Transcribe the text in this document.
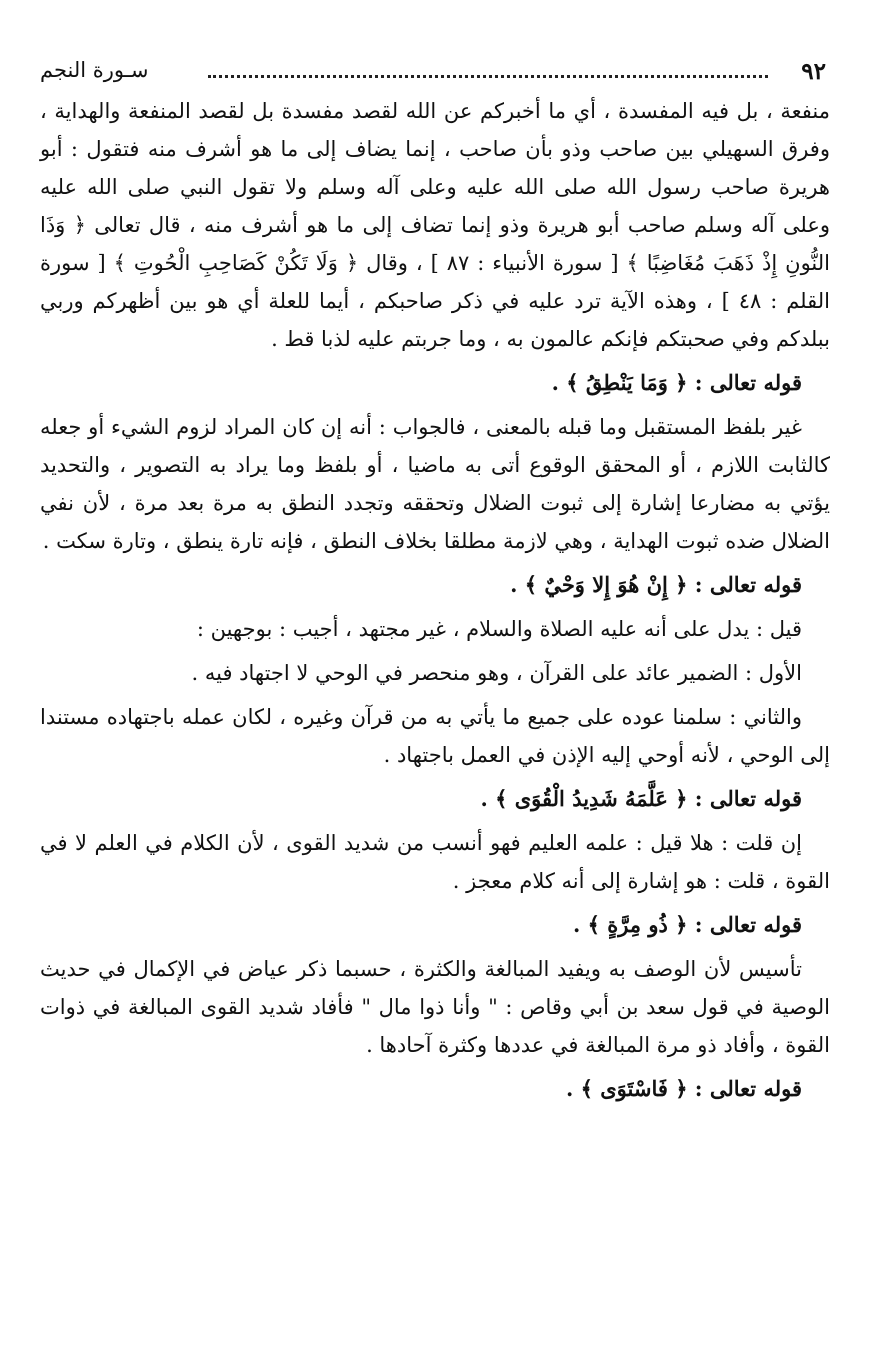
٩٢
سـورة النجم

منفعة ، بل فيه المفسدة ، أي ما أخبركم عن الله لقصد مفسدة بل لقصد المنفعة والهداية ، وفرق السهيلي بين صاحب وذو بأن صاحب ، إنما يضاف إلى ما هو أشرف منه فتقول : أبو هريرة صاحب رسول الله صلى الله عليه وعلى آله وسلم ولا تقول النبي صلى الله عليه وعلى آله وسلم صاحب أبو هريرة وذو إنما تضاف إلى ما هو أشرف منه ، قال تعالى ﴿ وَذَا النُّونِ إِذْ ذَهَبَ مُغَاضِبًا ﴾ [ سورة الأنبياء : ٨٧ ] ، وقال ﴿ وَلَا تَكُنْ كَصَاحِبِ الْحُوتِ ﴾ [ سورة القلم : ٤٨ ] ، وهذه الآية ترد عليه في ذكر صاحبكم ، أيما للعلة أي هو بين أظهركم وربي ببلدكم وفي صحبتكم فإنكم عالمون به ، وما جربتم عليه لذبا قط .

قوله تعالى : ﴿ وَمَا يَنْطِقُ ﴾ .

غير بلفظ المستقبل وما قبله بالمعنى ، فالجواب : أنه إن كان المراد لزوم الشيء أو جعله كالثابت اللازم ، أو المحقق الوقوع أتى به ماضيا ، أو بلفظ وما يراد به التصوير ، والتحديد يؤتي به مضارعا إشارة إلى ثبوت الضلال وتحققه وتجدد النطق به مرة بعد مرة ، لأن نفي الضلال ضده ثبوت الهداية ، وهي لازمة مطلقا بخلاف النطق ، فإنه تارة ينطق ، وتارة سكت .

قوله تعالى : ﴿ إِنْ هُوَ إِلا وَحْيٌ ﴾ .

قيل : يدل على أنه عليه الصلاة والسلام ، غير مجتهد ، أجيب : بوجهين :

الأول : الضمير عائد على القرآن ، وهو منحصر في الوحي لا اجتهاد فيه .

والثاني : سلمنا عوده على جميع ما يأتي به من قرآن وغيره ، لكان عمله باجتهاده مستندا إلى الوحي ، لأنه أوحي إليه الإذن في العمل باجتهاد .

قوله تعالى : ﴿ عَلَّمَهُ شَدِيدُ الْقُوَى ﴾ .

إن قلت : هلا قيل : علمه العليم فهو أنسب من شديد القوى ، لأن الكلام في العلم لا في القوة ، قلت : هو إشارة إلى أنه كلام معجز .

قوله تعالى : ﴿ ذُو مِرَّةٍ ﴾ .

تأسيس لأن الوصف به ويفيد المبالغة والكثرة ، حسبما ذكر عياض في الإكمال في حديث الوصية في قول سعد بن أبي وقاص : " وأنا ذوا مال " فأفاد شديد القوى المبالغة في ذوات القوة ، وأفاد ذو مرة المبالغة في عددها وكثرة آحادها .

قوله تعالى : ﴿ فَاسْتَوَى ﴾ .
